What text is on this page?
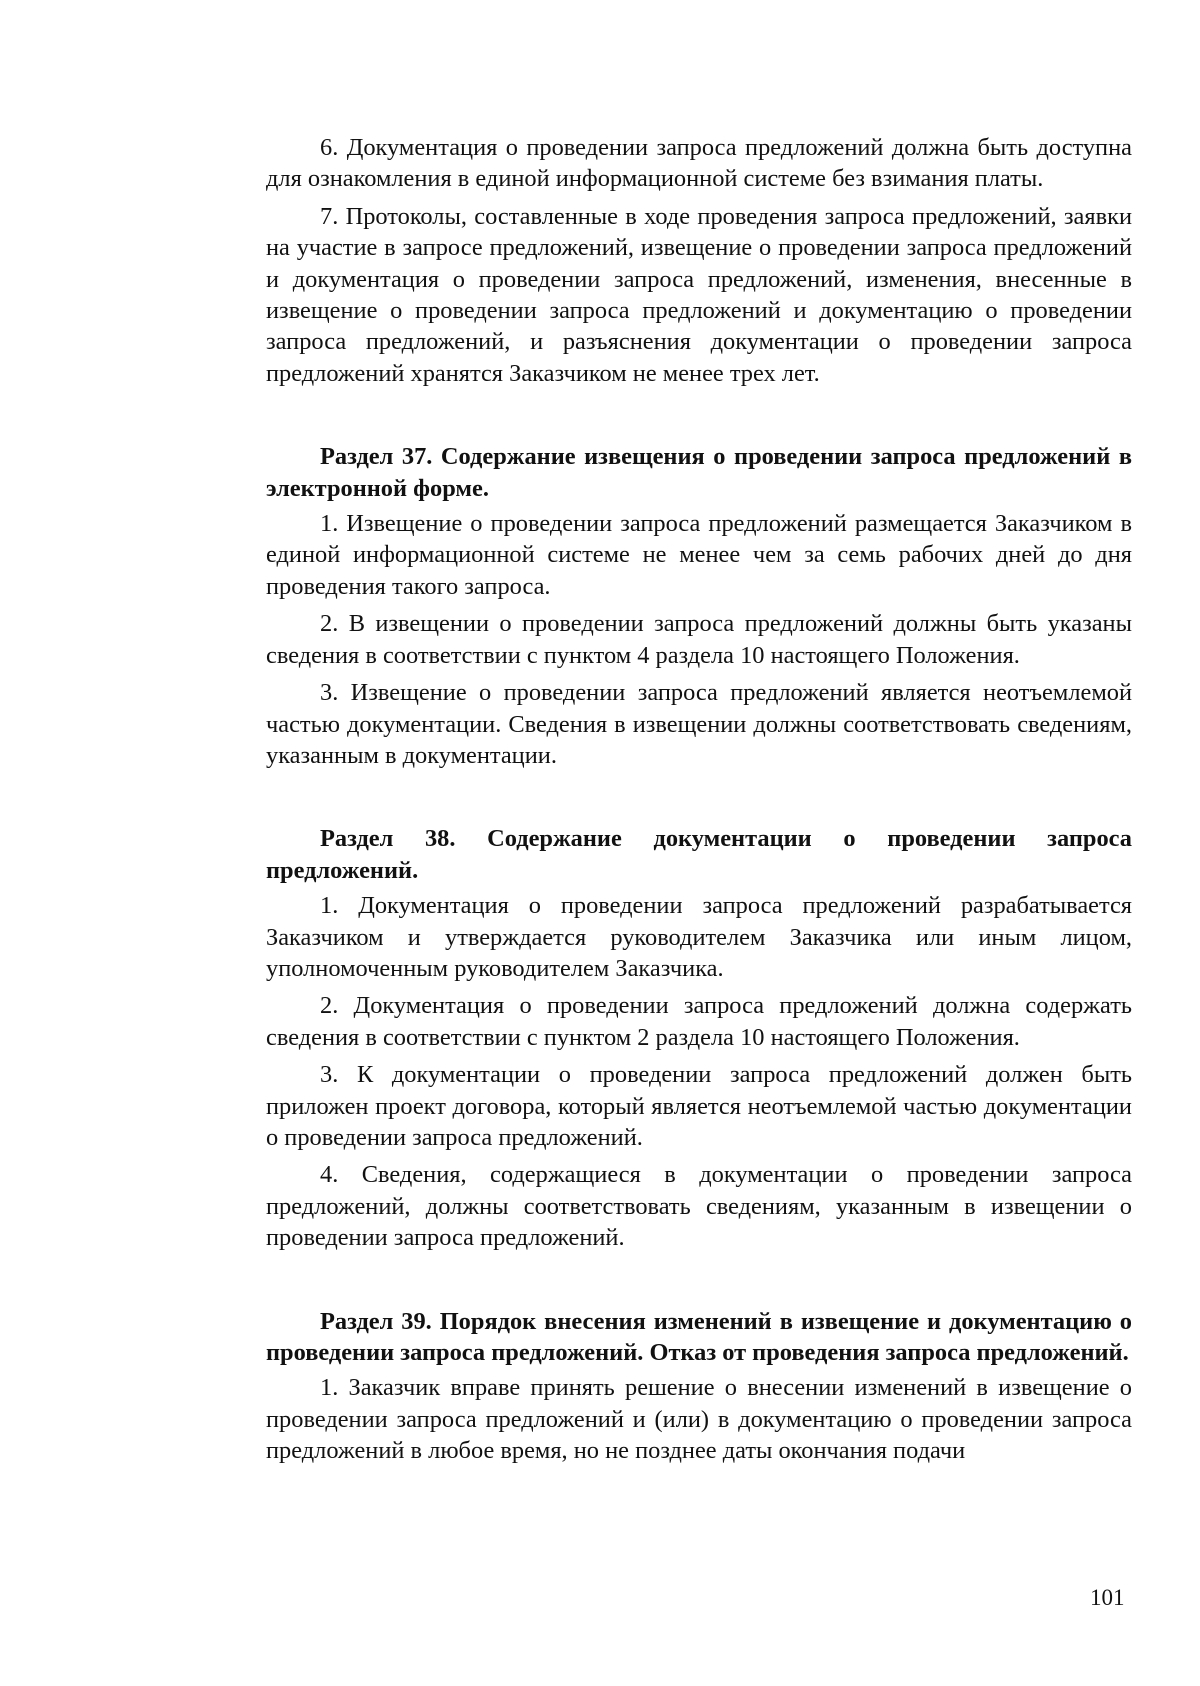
6. Документация о проведении запроса предложений должна быть доступна для ознакомления в единой информационной системе без взимания платы.

7. Протоколы, составленные в ходе проведения запроса предложений, заявки на участие в запросе предложений, извещение о проведении запроса предложений и документация о проведении запроса предложений, изменения, внесенные в извещение о проведении запроса предложений и документацию о проведении запроса предложений, и разъяснения документации о проведении запроса предложений хранятся Заказчиком не менее трех лет.

Раздел 37. Содержание извещения о проведении запроса предложений в электронной форме.

1. Извещение о проведении запроса предложений размещается Заказчиком в единой информационной системе не менее чем за семь рабочих дней до дня проведения такого запроса.

2. В извещении о проведении запроса предложений должны быть указаны сведения в соответствии с пунктом 4 раздела 10 настоящего Положения.

3. Извещение о проведении запроса предложений является неотъемлемой частью документации. Сведения в извещении должны соответствовать сведениям, указанным в документации.

Раздел 38. Содержание документации о проведении запроса предложений.

1. Документация о проведении запроса предложений разрабатывается Заказчиком и утверждается руководителем Заказчика или иным лицом, уполномоченным руководителем Заказчика.

2. Документация о проведении запроса предложений должна содержать сведения в соответствии с пунктом 2 раздела 10 настоящего Положения.

3. К документации о проведении запроса предложений должен быть приложен проект договора, который является неотъемлемой частью документации о проведении запроса предложений.

4. Сведения, содержащиеся в документации о проведении запроса предложений, должны соответствовать сведениям, указанным в извещении о проведении запроса предложений.

Раздел 39. Порядок внесения изменений в извещение и документацию о проведении запроса предложений. Отказ от проведения запроса предложений.

1. Заказчик вправе принять решение о внесении изменений в извещение о проведении запроса предложений и (или) в документацию о проведении запроса предложений в любое время, но не позднее даты окончания подачи

101
